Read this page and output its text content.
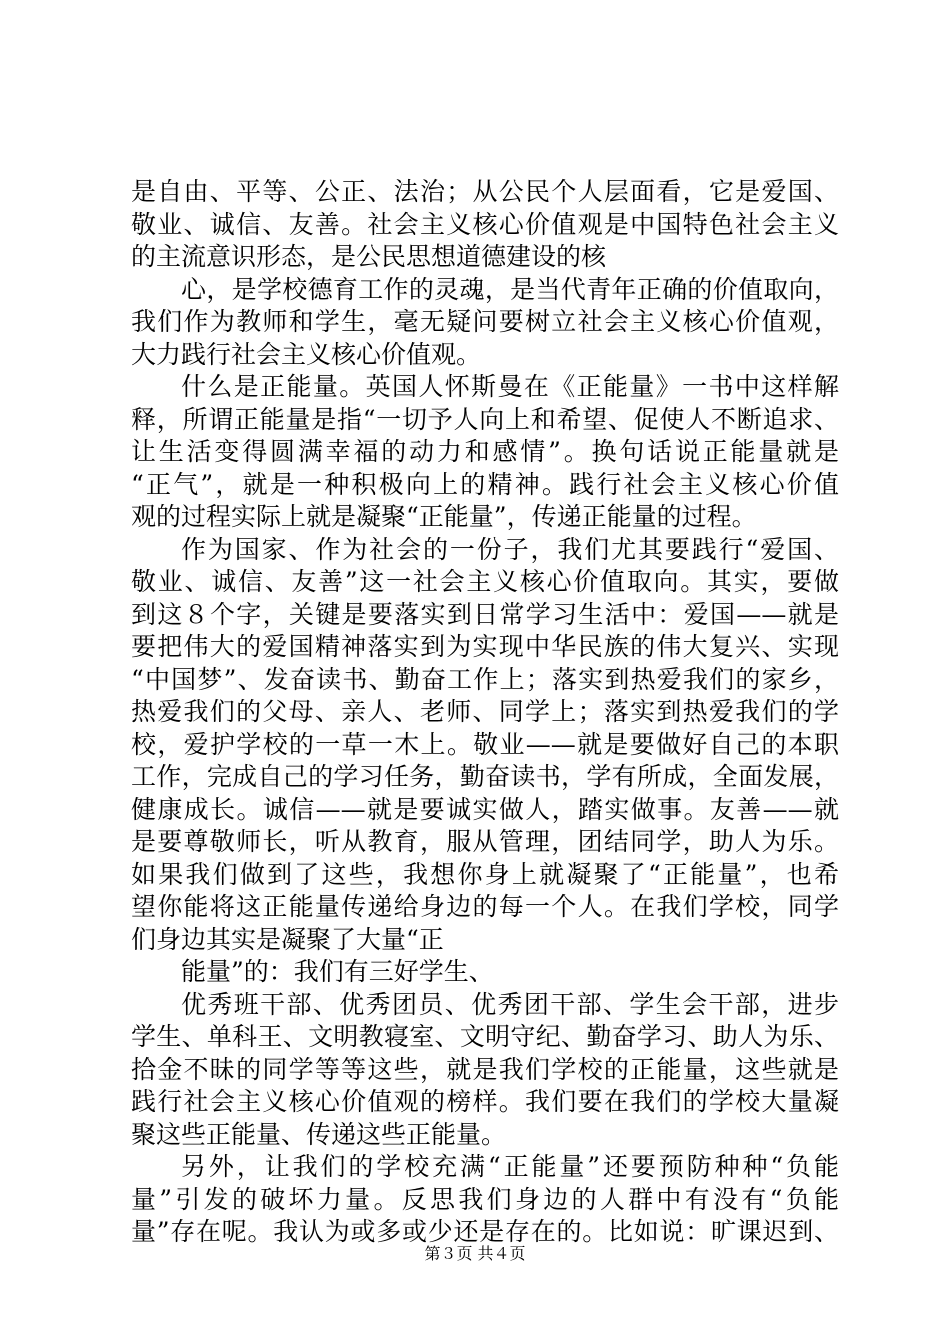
是自由、平等、公正、法治；从公民个人层面看，它是爱国、
敬业、诚信、友善。社会主义核心价值观是中国特色社会主义
的主流意识形态，是公民思想道德建设的核
心，是学校德育工作的灵魂，是当代青年正确的价值取向，
我们作为教师和学生，毫无疑问要树立社会主义核心价值观，
大力践行社会主义核心价值观。
什么是正能量。英国人怀斯曼在《正能量》一书中这样解
释，所谓正能量是指“一切予人向上和希望、促使人不断追求、
让生活变得圆满幸福的动力和感情”。换句话说正能量就是
“正气”，就是一种积极向上的精神。践行社会主义核心价值
观的过程实际上就是凝聚“正能量”，传递正能量的过程。
作为国家、作为社会的一份子，我们尤其要践行“爱国、
敬业、诚信、友善”这一社会主义核心价值取向。其实，要做
到这８个字，关键是要落实到日常学习生活中：爱国——就是
要把伟大的爱国精神落实到为实现中华民族的伟大复兴、实现
“中国梦”、发奋读书、勤奋工作上；落实到热爱我们的家乡，
热爱我们的父母、亲人、老师、同学上；落实到热爱我们的学
校，爱护学校的一草一木上。敬业——就是要做好自己的本职
工作，完成自己的学习任务，勤奋读书，学有所成，全面发展，
健康成长。诚信——就是要诚实做人，踏实做事。友善——就
是要尊敬师长，听从教育，服从管理，团结同学，助人为乐。
如果我们做到了这些，我想你身上就凝聚了“正能量”，也希
望你能将这正能量传递给身边的每一个人。在我们学校，同学
们身边其实是凝聚了大量“正
能量”的：我们有三好学生、
优秀班干部、优秀团员、优秀团干部、学生会干部，进步
学生、单科王、文明教寝室、文明守纪、勤奋学习、助人为乐、
拾金不昧的同学等等这些，就是我们学校的正能量，这些就是
践行社会主义核心价值观的榜样。我们要在我们的学校大量凝
聚这些正能量、传递这些正能量。
另外，让我们的学校充满“正能量”还要预防种种“负能
量”引发的破坏力量。反思我们身边的人群中有没有“负能
量”存在呢。我认为或多或少还是存在的。比如说：旷课迟到、
第３页 共４页
